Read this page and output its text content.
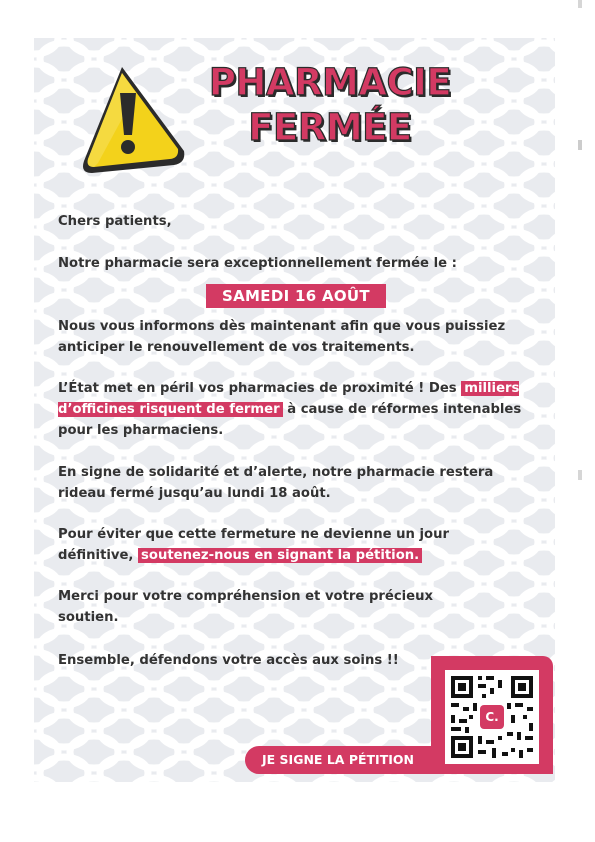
PHARMACIE
FERMÉE
Chers patients,
Notre pharmacie sera exceptionnellement fermée le :
SAMEDI 16 AOÛT
Nous vous informons dès maintenant afin que vous puissiez anticiper le renouvellement de vos traitements.
L’État met en péril vos pharmacies de proximité ! Des milliers d’officines risquent de fermer à cause de réformes intenables pour les pharmaciens.
En signe de solidarité et d’alerte, notre pharmacie restera rideau fermé jusqu’au lundi 18 août.
Pour éviter que cette fermeture ne devienne un jour définitive, soutenez-nous en signant la pétition.
Merci pour votre compréhension et votre précieux soutien.
Ensemble, défendons votre accès aux soins !!
C.
JE SIGNE LA PÉTITION
